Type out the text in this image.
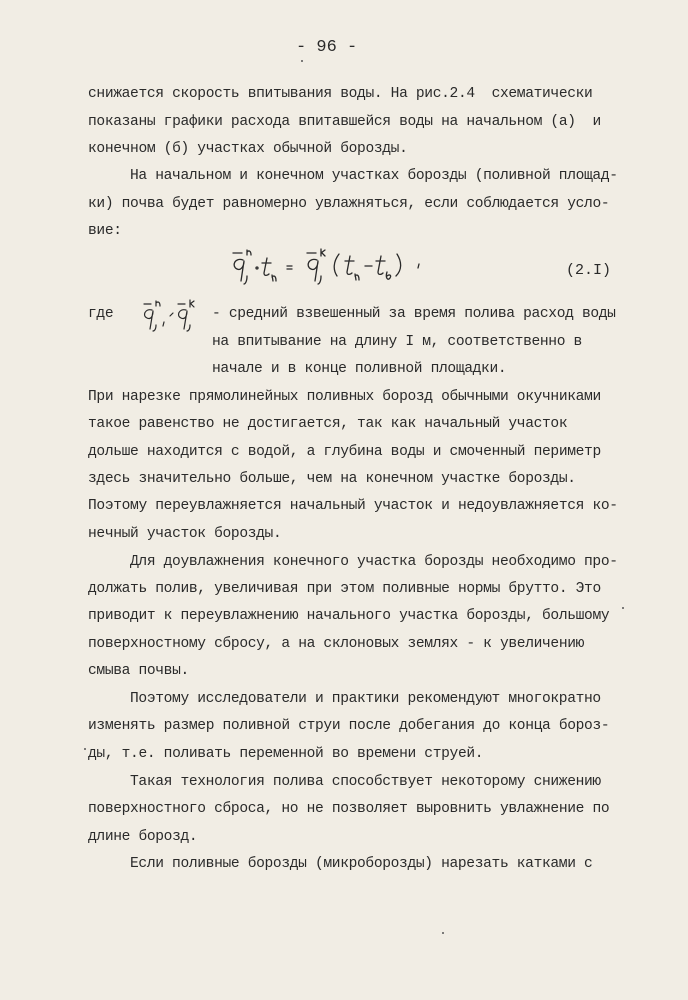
- 96 -
снижается скорость впитывания воды. На рис.2.4  схематически
показаны графики расхода впитавшейся воды на начальном (а)  и
конечном (б) участках обычной борозды.
На начальном и конечном участках борозды (поливной площад-
ки) почва будет равномерно увлажняться, если соблюдается усло-
вие:
(2.I)
где	- средний взвешенный за время полива расход воды
на впитывание на длину I м, соответственно в
начале и в конце поливной площадки.
При нарезке прямолинейных поливных борозд обычными окучниками
такое равенство не достигается, так как начальный участок
дольше находится с водой, а глубина воды и смоченный периметр
здесь значительно больше, чем на конечном участке борозды.
Поэтому переувлажняется начальный участок и недоувлажняется ко-
нечный участок борозды.
Для доувлажнения конечного участка борозды необходимо про-
должать полив, увеличивая при этом поливные нормы брутто. Это
приводит к переувлажнению начального участка борозды, большому
поверхностному сбросу, а на склоновых землях - к увеличению
смыва почвы.
Поэтому исследователи и практики рекомендуют многократно
изменять размер поливной струи после добегания до конца бороз-
ды, т.е. поливать переменной во времени струей.
Такая технология полива способствует некоторому снижению
поверхностного сброса, но не позволяет выровнить увлажнение по
длине борозд.
Если поливные борозды (микроборозды) нарезать катками с
